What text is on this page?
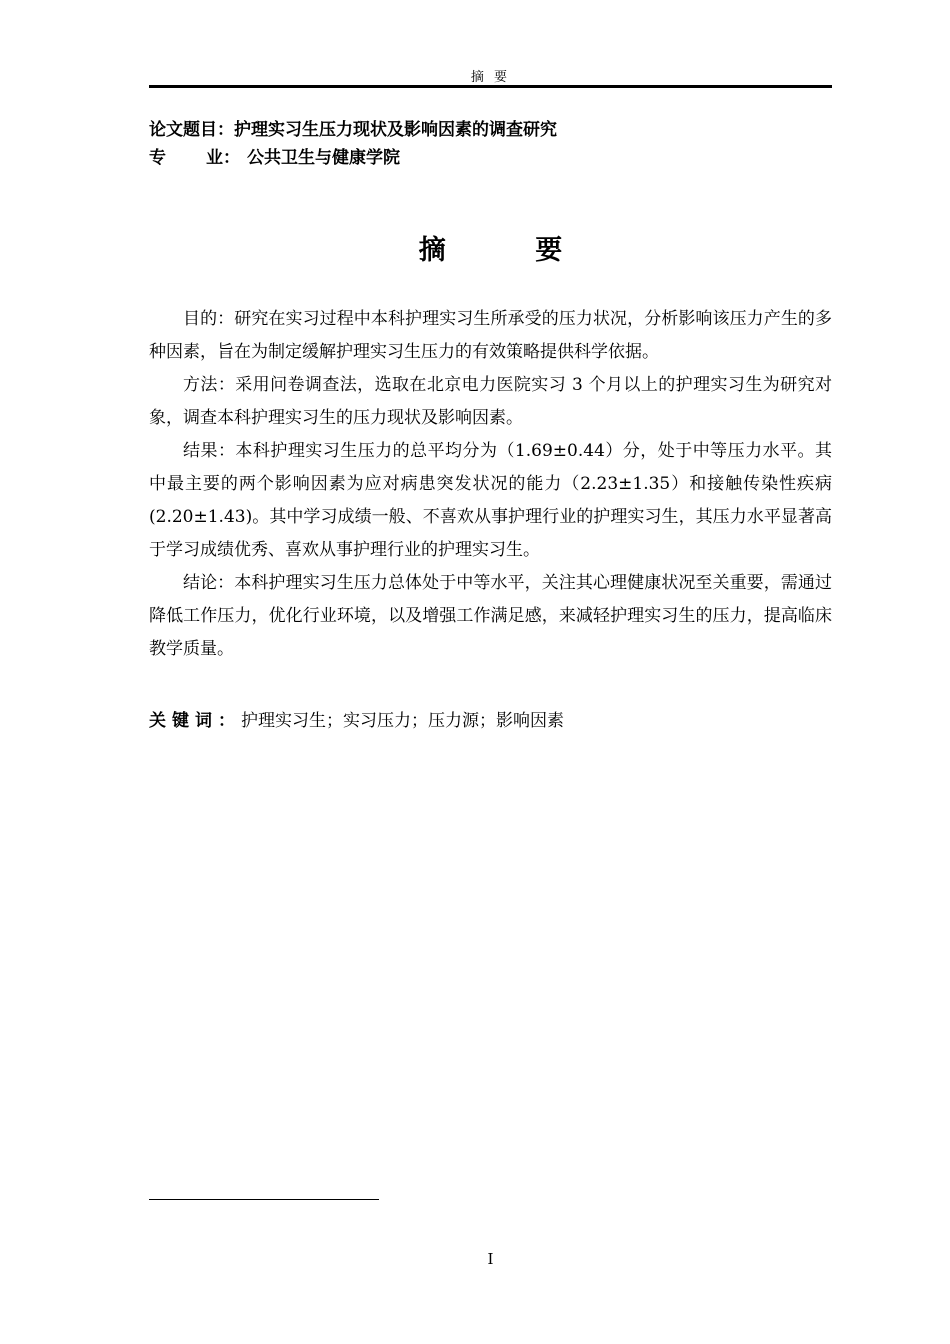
摘 要
论文题目：护理实习生压力现状及影响因素的调查研究
专 业： 公共卫生与健康学院
摘 要

目的：研究在实习过程中本科护理实习生所承受的压力状况，分析影响该压力产生的多种因素，旨在为制定缓解护理实习生压力的有效策略提供科学依据。

方法：采用问卷调查法，选取在北京电力医院实习 3 个月以上的护理实习生为研究对象，调查本科护理实习生的压力现状及影响因素。

结果：本科护理实习生压力的总平均分为（1.69±0.44）分，处于中等压力水平。其中最主要的两个影响因素为应对病患突发状况的能力（2.23±1.35）和接触传染性疾病(2.20±1.43)。其中学习成绩一般、不喜欢从事护理行业的护理实习生，其压力水平显著高于学习成绩优秀、喜欢从事护理行业的护理实习生。

结论：本科护理实习生压力总体处于中等水平，关注其心理健康状况至关重要，需通过降低工作压力，优化行业环境，以及增强工作满足感，来减轻护理实习生的压力，提高临床教学质量。

关键词：护理实习生；实习压力；压力源；影响因素
I
